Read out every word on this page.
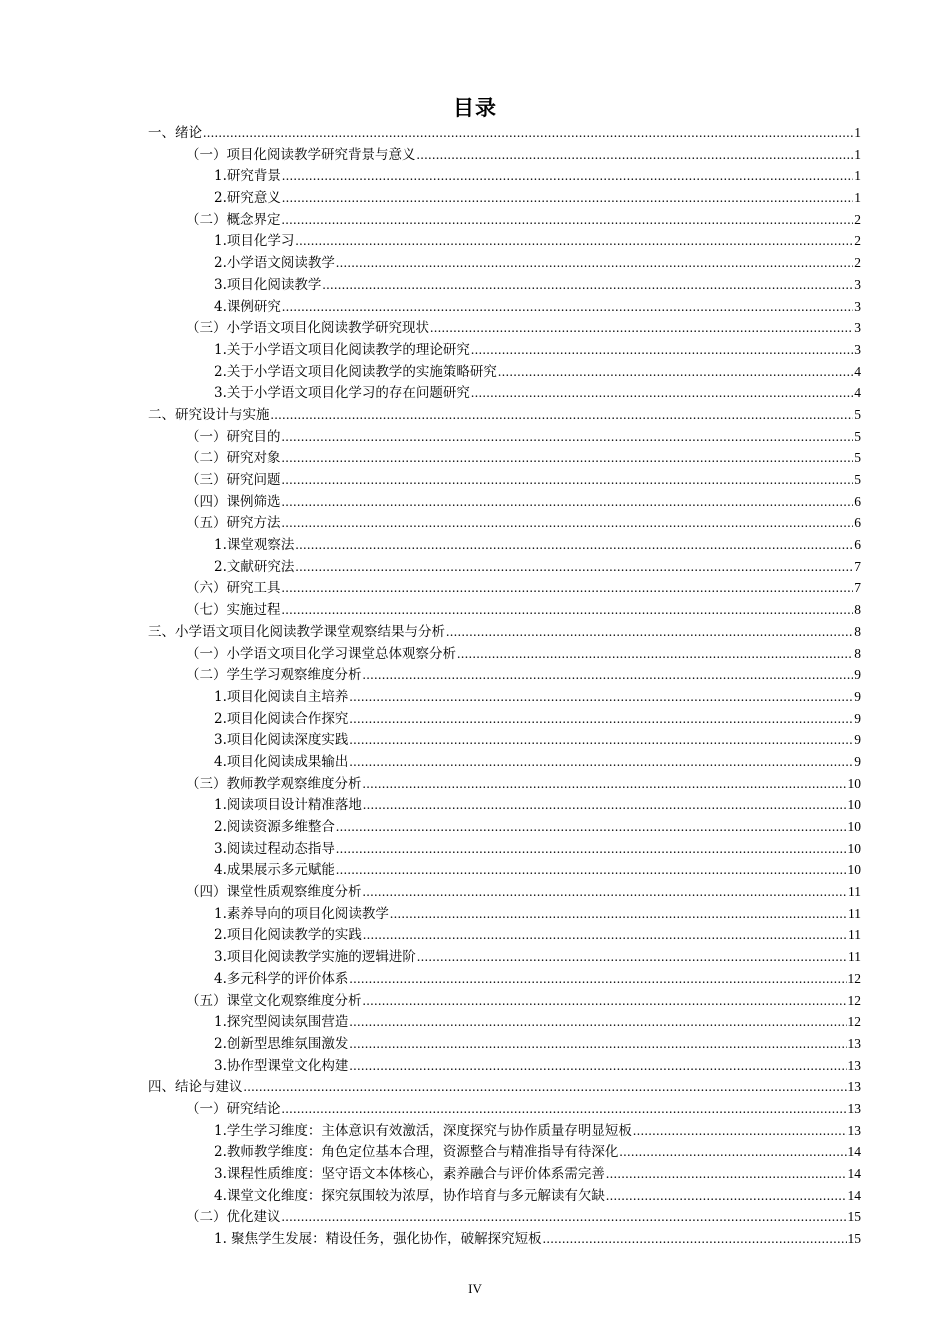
目录
一、绪论 .....	1
（一）项目化阅读教学研究背景与意义 .....	1
1.研究背景 .....	1
2.研究意义 .....	1
（二）概念界定 .....	2
1.项目化学习 .....	2
2.小学语文阅读教学 .....	2
3.项目化阅读教学 .....	3
4.课例研究 .....	3
（三）小学语文项目化阅读教学研究现状 .....	3
1.关于小学语文项目化阅读教学的理论研究 .....	3
2.关于小学语文项目化阅读教学的实施策略研究 .....	4
3.关于小学语文项目化学习的存在问题研究 .....	4
二、研究设计与实施 .....	5
（一）研究目的 .....	5
（二）研究对象 .....	5
（三）研究问题 .....	5
（四）课例筛选 .....	6
（五）研究方法 .....	6
1.课堂观察法 .....	6
2.文献研究法 .....	7
（六）研究工具 .....	7
（七）实施过程 .....	8
三、小学语文项目化阅读教学课堂观察结果与分析 .....	8
（一）小学语文项目化学习课堂总体观察分析 .....	8
（二）学生学习观察维度分析 .....	9
1.项目化阅读自主培养 .....	9
2.项目化阅读合作探究 .....	9
3.项目化阅读深度实践 .....	9
4.项目化阅读成果输出 .....	9
（三）教师教学观察维度分析 .....	10
1.阅读项目设计精准落地 .....	10
2.阅读资源多维整合 .....	10
3.阅读过程动态指导 .....	10
4.成果展示多元赋能 .....	10
（四）课堂性质观察维度分析 .....	11
1.素养导向的项目化阅读教学 .....	11
2.项目化阅读教学的实践 .....	11
3.项目化阅读教学实施的逻辑进阶 .....	11
4.多元科学的评价体系 .....	12
（五）课堂文化观察维度分析 .....	12
1.探究型阅读氛围营造 .....	12
2.创新型思维氛围激发 .....	13
3.协作型课堂文化构建 .....	13
四、结论与建议 .....	13
（一）研究结论 .....	13
1.学生学习维度：主体意识有效激活，深度探究与协作质量存明显短板 .....	13
2.教师教学维度：角色定位基本合理，资源整合与精准指导有待深化 .....	14
3.课程性质维度：坚守语文本体核心，素养融合与评价体系需完善 .....	14
4.课堂文化维度：探究氛围较为浓厚，协作培育与多元解读有欠缺 .....	14
（二）优化建议 .....	15
1. 聚焦学生发展：精设任务，强化协作，破解探究短板 .....	15
IV
